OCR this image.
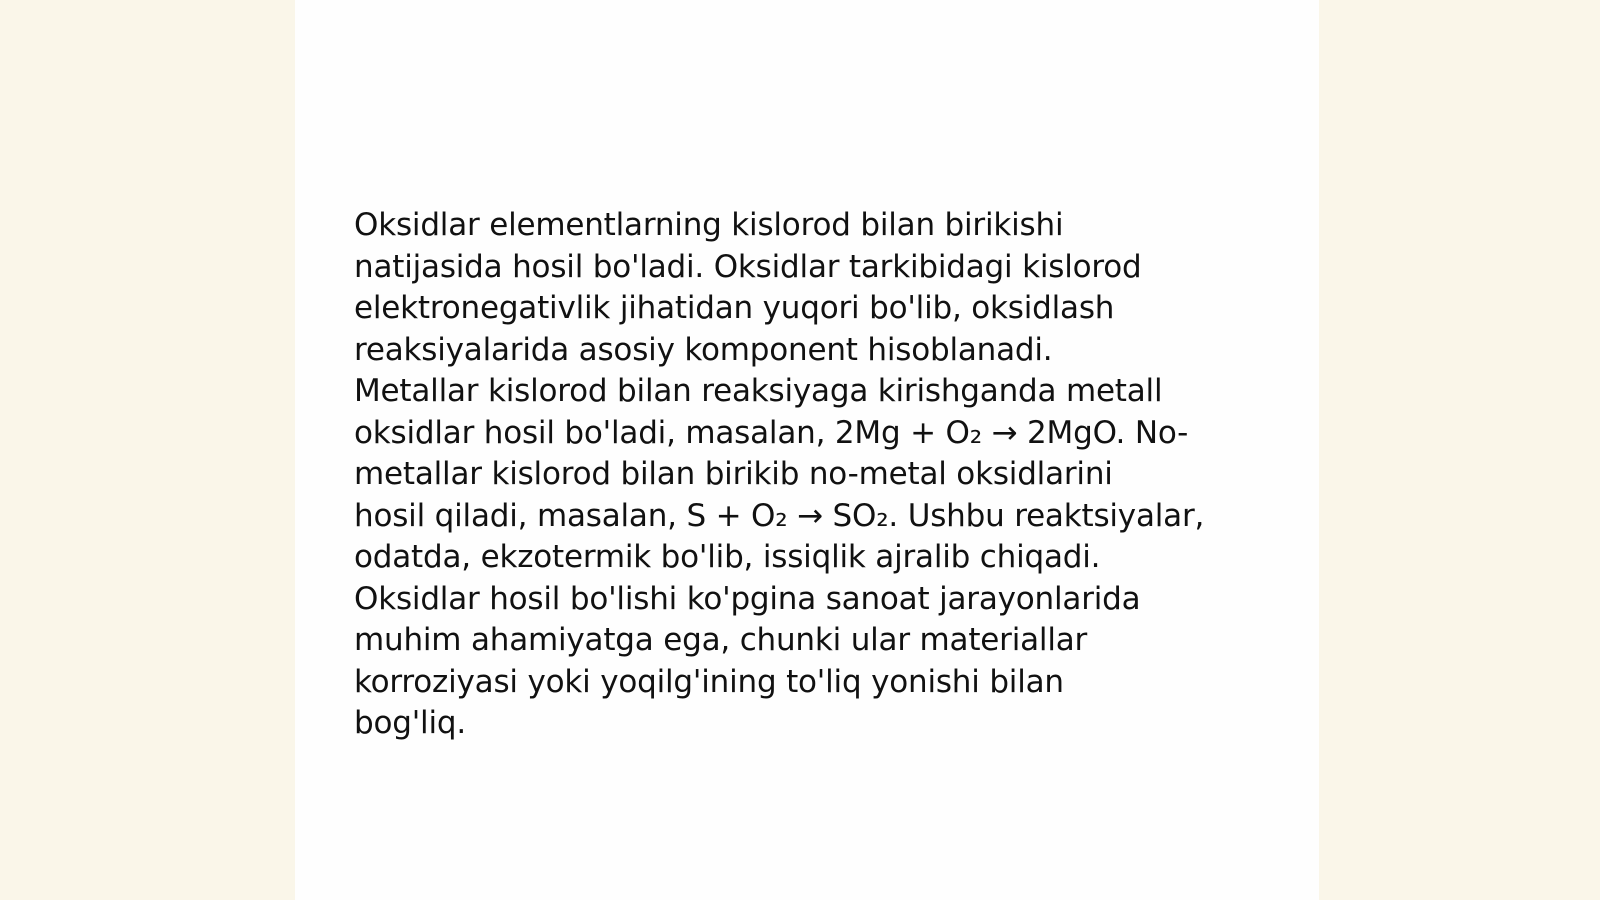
Oksidlar elementlarning kislorod bilan birikishi
natijasida hosil bo'ladi. Oksidlar tarkibidagi kislorod
elektronegativlik jihatidan yuqori bo'lib, oksidlash
reaksiyalarida asosiy komponent hisoblanadi.
Metallar kislorod bilan reaksiyaga kirishganda metall
oksidlar hosil bo'ladi, masalan, 2Mg + O₂ → 2MgO. No-
metallar kislorod bilan birikib no-metal oksidlarini
hosil qiladi, masalan, S + O₂ → SO₂. Ushbu reaktsiyalar,
odatda, ekzotermik bo'lib, issiqlik ajralib chiqadi.
Oksidlar hosil bo'lishi ko'pgina sanoat jarayonlarida
muhim ahamiyatga ega, chunki ular materiallar
korroziyasi yoki yoqilg'ining to'liq yonishi bilan
bog'liq.
